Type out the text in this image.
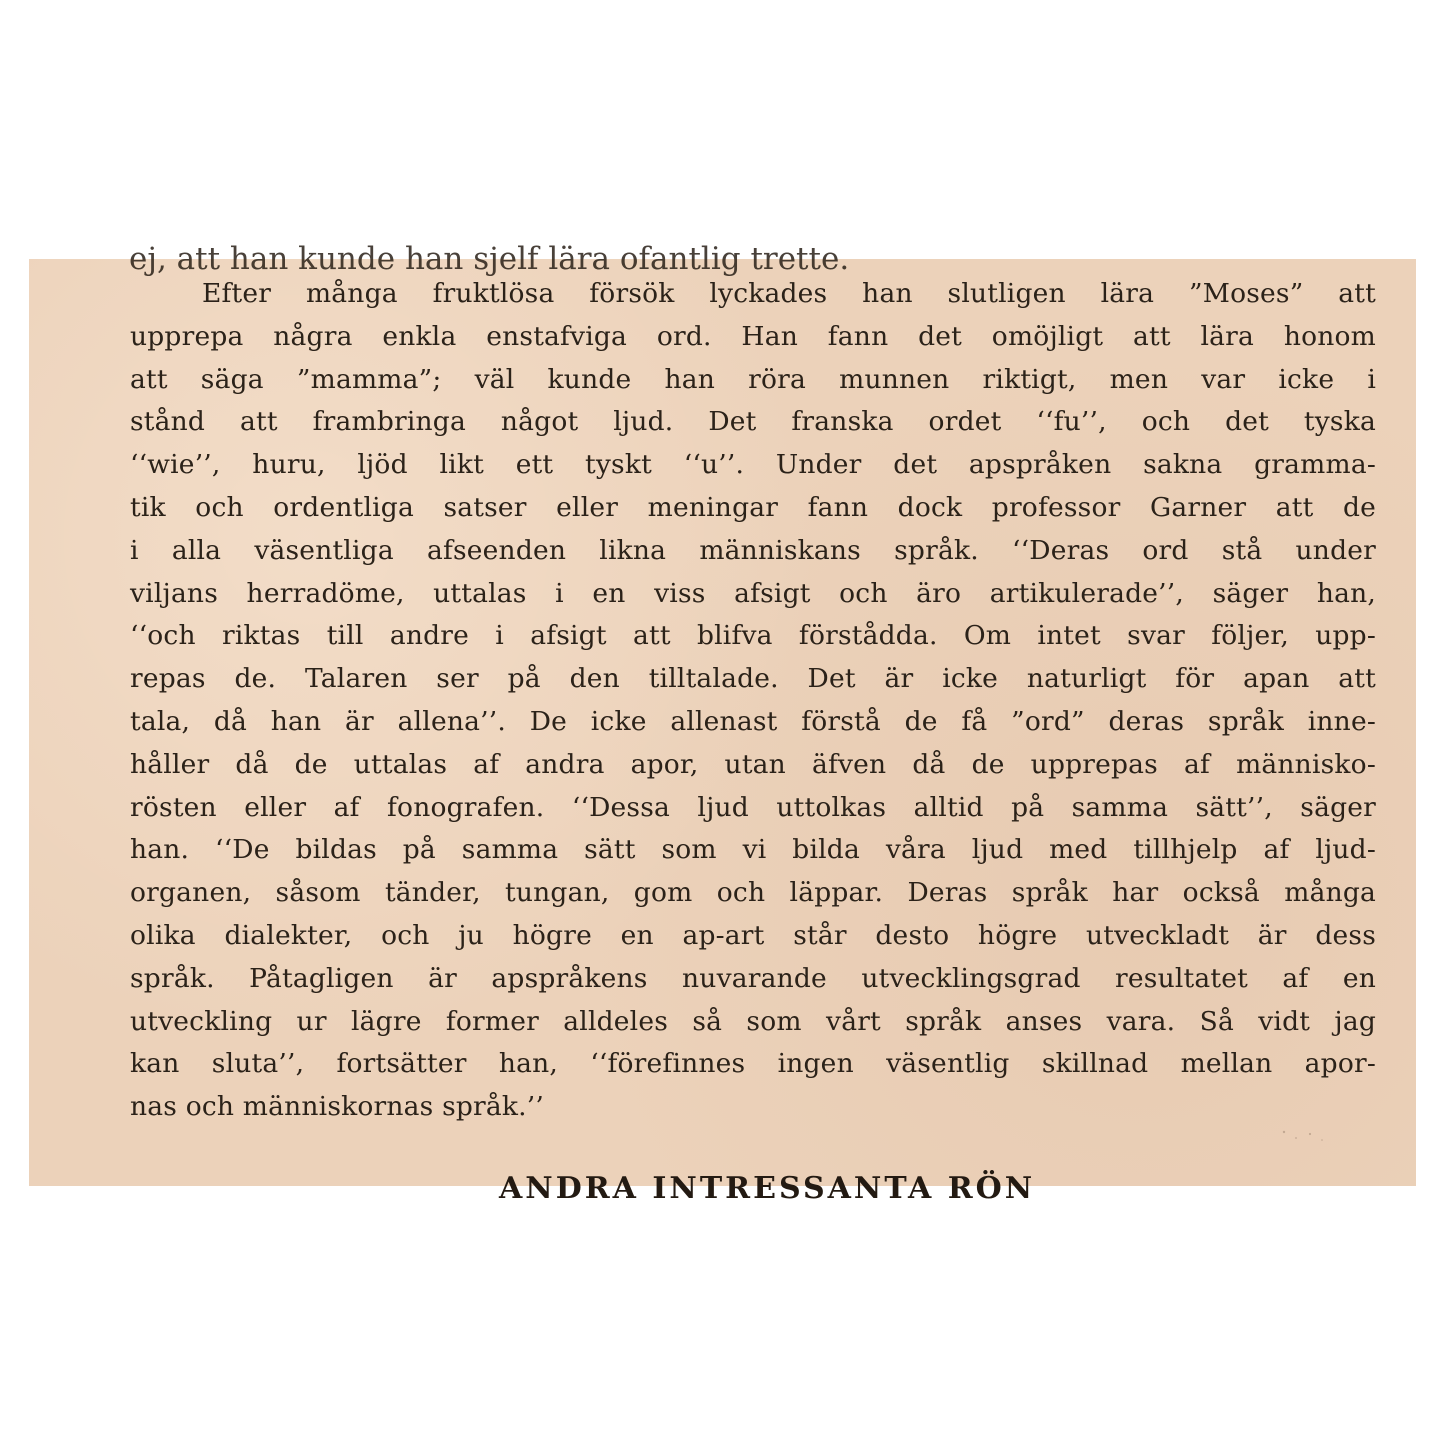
ej, att han kunde han sjelf lära ofantlig trette.
Efter många fruktlösa försök lyckades han slutligen lära ”Moses” att
upprepa några enkla enstafviga ord. Han fann det omöjligt att lära honom
att säga ”mamma”; väl kunde han röra munnen riktigt, men var icke i
stånd att frambringa något ljud. Det franska ordet ‘‘fu’’, och det tyska
‘‘wie’’, huru, ljöd likt ett tyskt ‘‘u’’. Under det apspråken sakna gramma-
tik och ordentliga satser eller meningar fann dock professor Garner att de
i alla väsentliga afseenden likna människans språk. ‘‘Deras ord stå under
viljans herradöme, uttalas i en viss afsigt och äro artikulerade’’, säger han,
‘‘och riktas till andre i afsigt att blifva förstådda. Om intet svar följer, upp-
repas de. Talaren ser på den tilltalade. Det är icke naturligt för apan att
tala, då han är allena’’. De icke allenast förstå de få ”ord” deras språk inne-
håller då de uttalas af andra apor, utan äfven då de upprepas af människo-
rösten eller af fonografen. ‘‘Dessa ljud uttolkas alltid på samma sätt’’, säger
han. ‘‘De bildas på samma sätt som vi bilda våra ljud med tillhjelp af ljud-
organen, såsom tänder, tungan, gom och läppar. Deras språk har också många
olika dialekter, och ju högre en ap-art står desto högre utveckladt är dess
språk. Påtagligen är apspråkens nuvarande utvecklingsgrad resultatet af en
utveckling ur lägre former alldeles så som vårt språk anses vara. Så vidt jag
kan sluta’’, fortsätter han, ‘‘förefinnes ingen väsentlig skillnad mellan apor-
nas och människornas språk.’’
ANDRA INTRESSANTA RÖN
